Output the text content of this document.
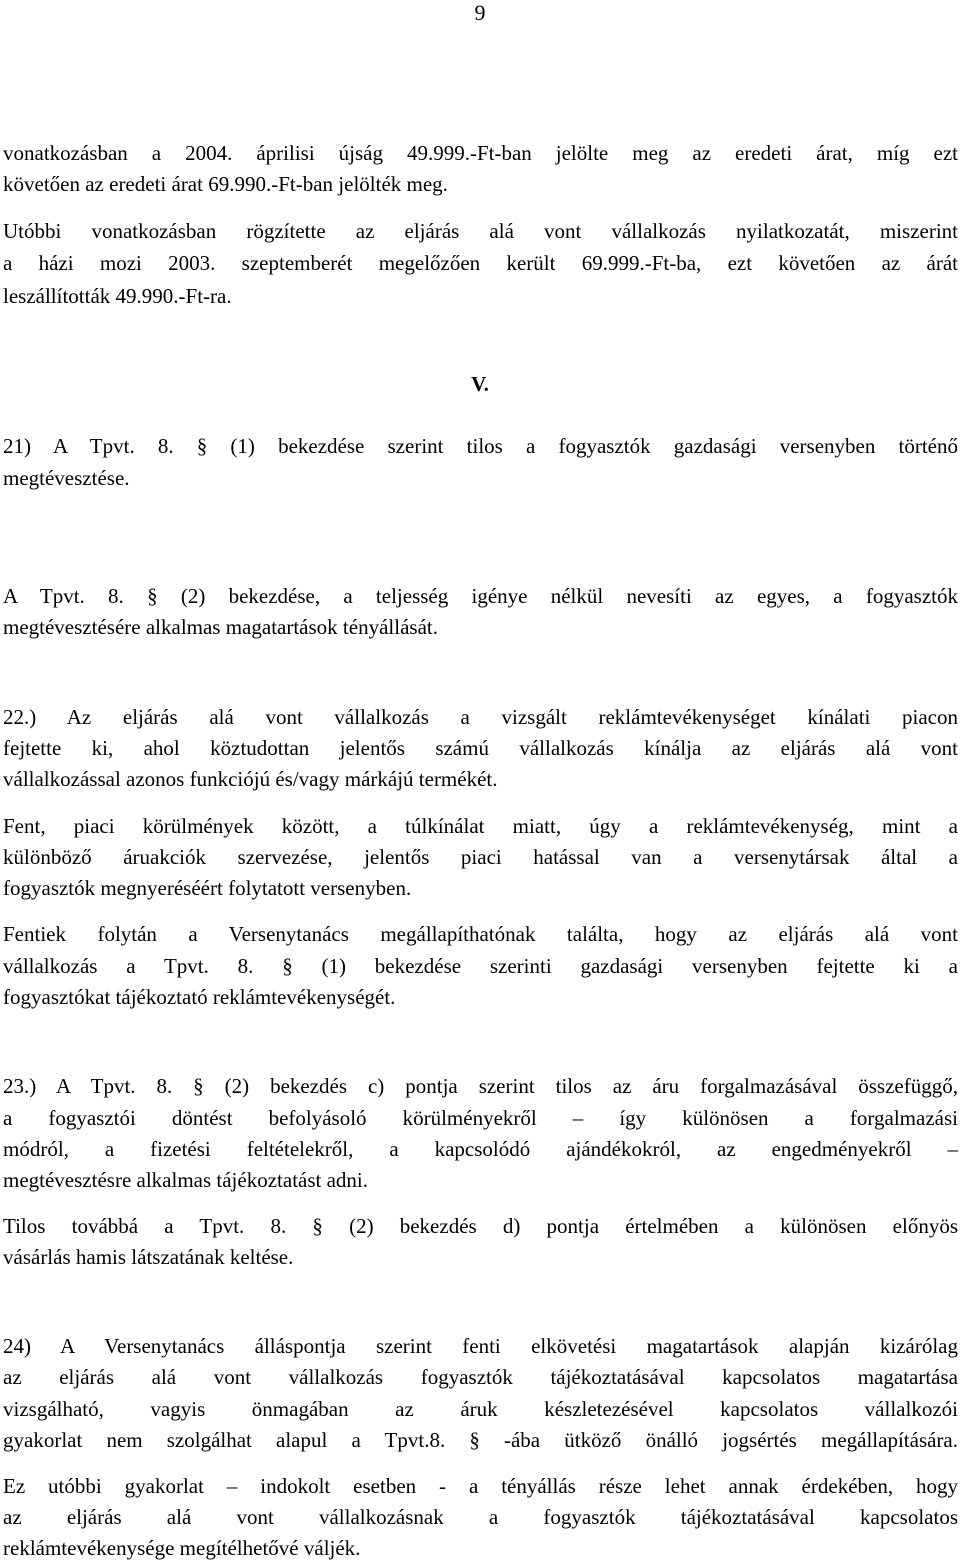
9
vonatkozásban a 2004. áprilisi újság 49.999.-Ft-ban jelölte meg az eredeti árat, míg ezt
követően az eredeti árat 69.990.-Ft-ban jelölték meg.
Utóbbi vonatkozásban rögzítette az eljárás alá vont vállalkozás nyilatkozatát, miszerint
a házi mozi 2003. szeptemberét megelőzően került 69.999.-Ft-ba, ezt követően az árát
leszállították 49.990.-Ft-ra.
V.
21) A Tpvt. 8. § (1) bekezdése szerint tilos a fogyasztók gazdasági versenyben történő
megtévesztése.
A Tpvt. 8. § (2) bekezdése, a teljesség igénye nélkül nevesíti az egyes, a fogyasztók
megtévesztésére alkalmas magatartások tényállását.
22.) Az eljárás alá vont vállalkozás a vizsgált reklámtevékenységet kínálati piacon
fejtette ki, ahol köztudottan jelentős számú vállalkozás kínálja az eljárás alá vont
vállalkozással azonos funkciójú és/vagy márkájú termékét.
Fent, piaci körülmények között, a túlkínálat miatt, úgy a reklámtevékenység, mint a
különböző áruakciók szervezése, jelentős piaci hatással van a versenytársak által a
fogyasztók megnyeréséért folytatott versenyben.
Fentiek folytán a Versenytanács megállapíthatónak találta, hogy az eljárás alá vont
vállalkozás a Tpvt. 8. § (1) bekezdése szerinti gazdasági versenyben fejtette ki a
fogyasztókat tájékoztató reklámtevékenységét.
23.) A Tpvt. 8. § (2) bekezdés c) pontja szerint tilos az áru forgalmazásával összefüggő,
a fogyasztói döntést befolyásoló körülményekről – így különösen a forgalmazási
módról, a fizetési feltételekről, a kapcsolódó ajándékokról, az engedményekről –
megtévesztésre alkalmas tájékoztatást adni.
Tilos továbbá a Tpvt. 8. § (2) bekezdés d) pontja értelmében a különösen előnyös
vásárlás hamis látszatának keltése.
24) A Versenytanács álláspontja szerint fenti elkövetési magatartások alapján kizárólag
az eljárás alá vont vállalkozás fogyasztók tájékoztatásával kapcsolatos magatartása
vizsgálható, vagyis önmagában az áruk készletezésével kapcsolatos vállalkozói
gyakorlat nem szolgálhat alapul a Tpvt.8. § -ába ütköző önálló jogsértés megállapítására.
Ez utóbbi gyakorlat – indokolt esetben - a tényállás része lehet annak érdekében, hogy
az eljárás alá vont vállalkozásnak a fogyasztók tájékoztatásával kapcsolatos
reklámtevékenysége megítélhetővé váljék.
